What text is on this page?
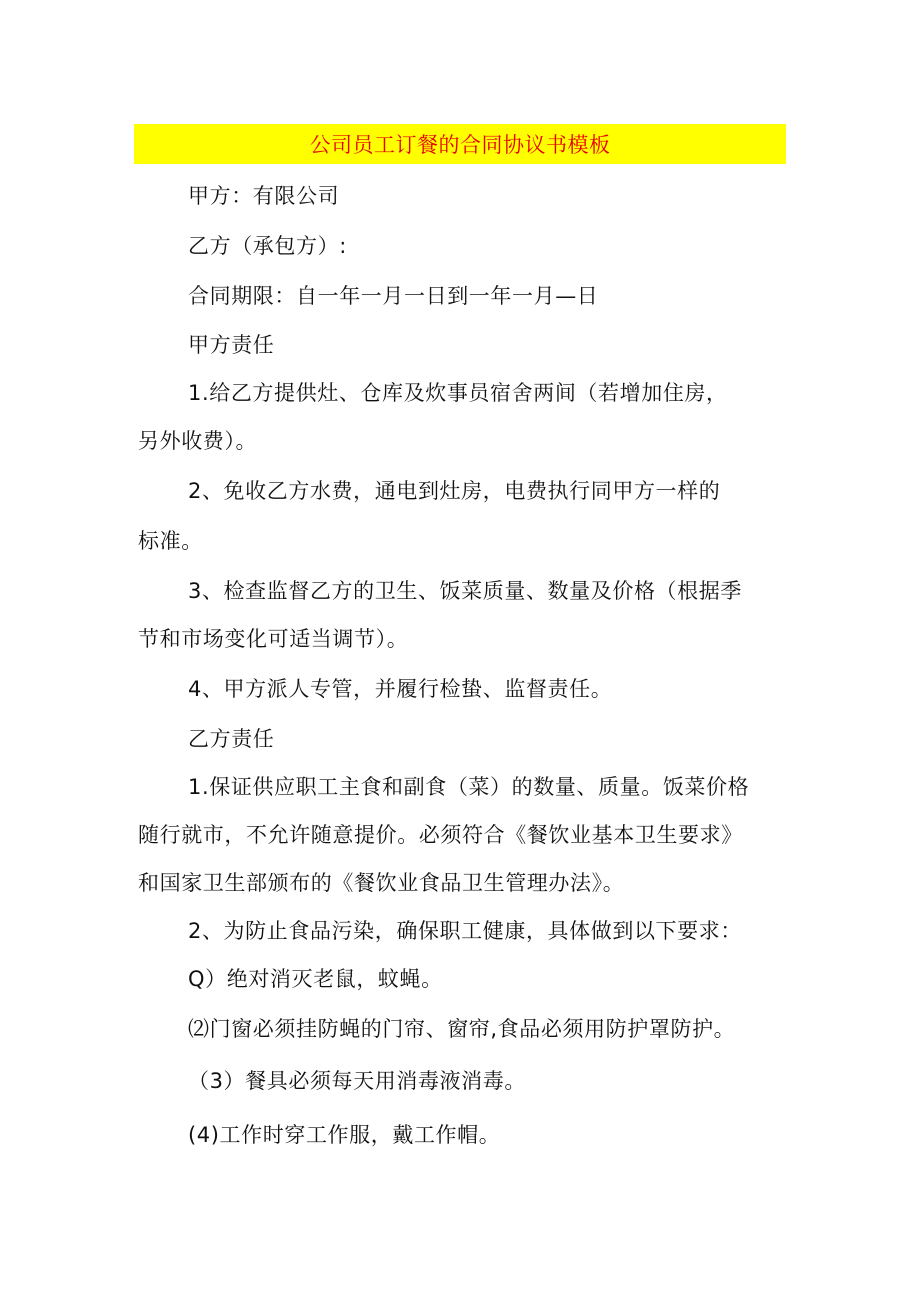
公司员工订餐的合同协议书模板
甲方：有限公司
乙方（承包方）:
合同期限：自一年一月一日到一年一月—日
甲方责任
1.给乙方提供灶、仓库及炊事员宿舍两间（若增加住房，
另外收费）。
2、免收乙方水费，通电到灶房，电费执行同甲方一样的
标准。
3、检查监督乙方的卫生、饭菜质量、数量及价格（根据季
节和市场变化可适当调节）。
4、甲方派人专管，并履行检蛰、监督责任。
乙方责任
1.保证供应职工主食和副食（菜）的数量、质量。饭菜价格
随行就市，不允许随意提价。必须符合《餐饮业基本卫生要求》
和国家卫生部颁布的《餐饮业食品卫生管理办法》。
2、为防止食品污染，确保职工健康，具体做到以下要求：
Q）绝对消灭老鼠，蚊蝇。
⑵门窗必须挂防蝇的门帘、窗帘,食品必须用防护罩防护。
（3）餐具必须每天用消毒液消毒。
(4)工作时穿工作服，戴工作帽。
